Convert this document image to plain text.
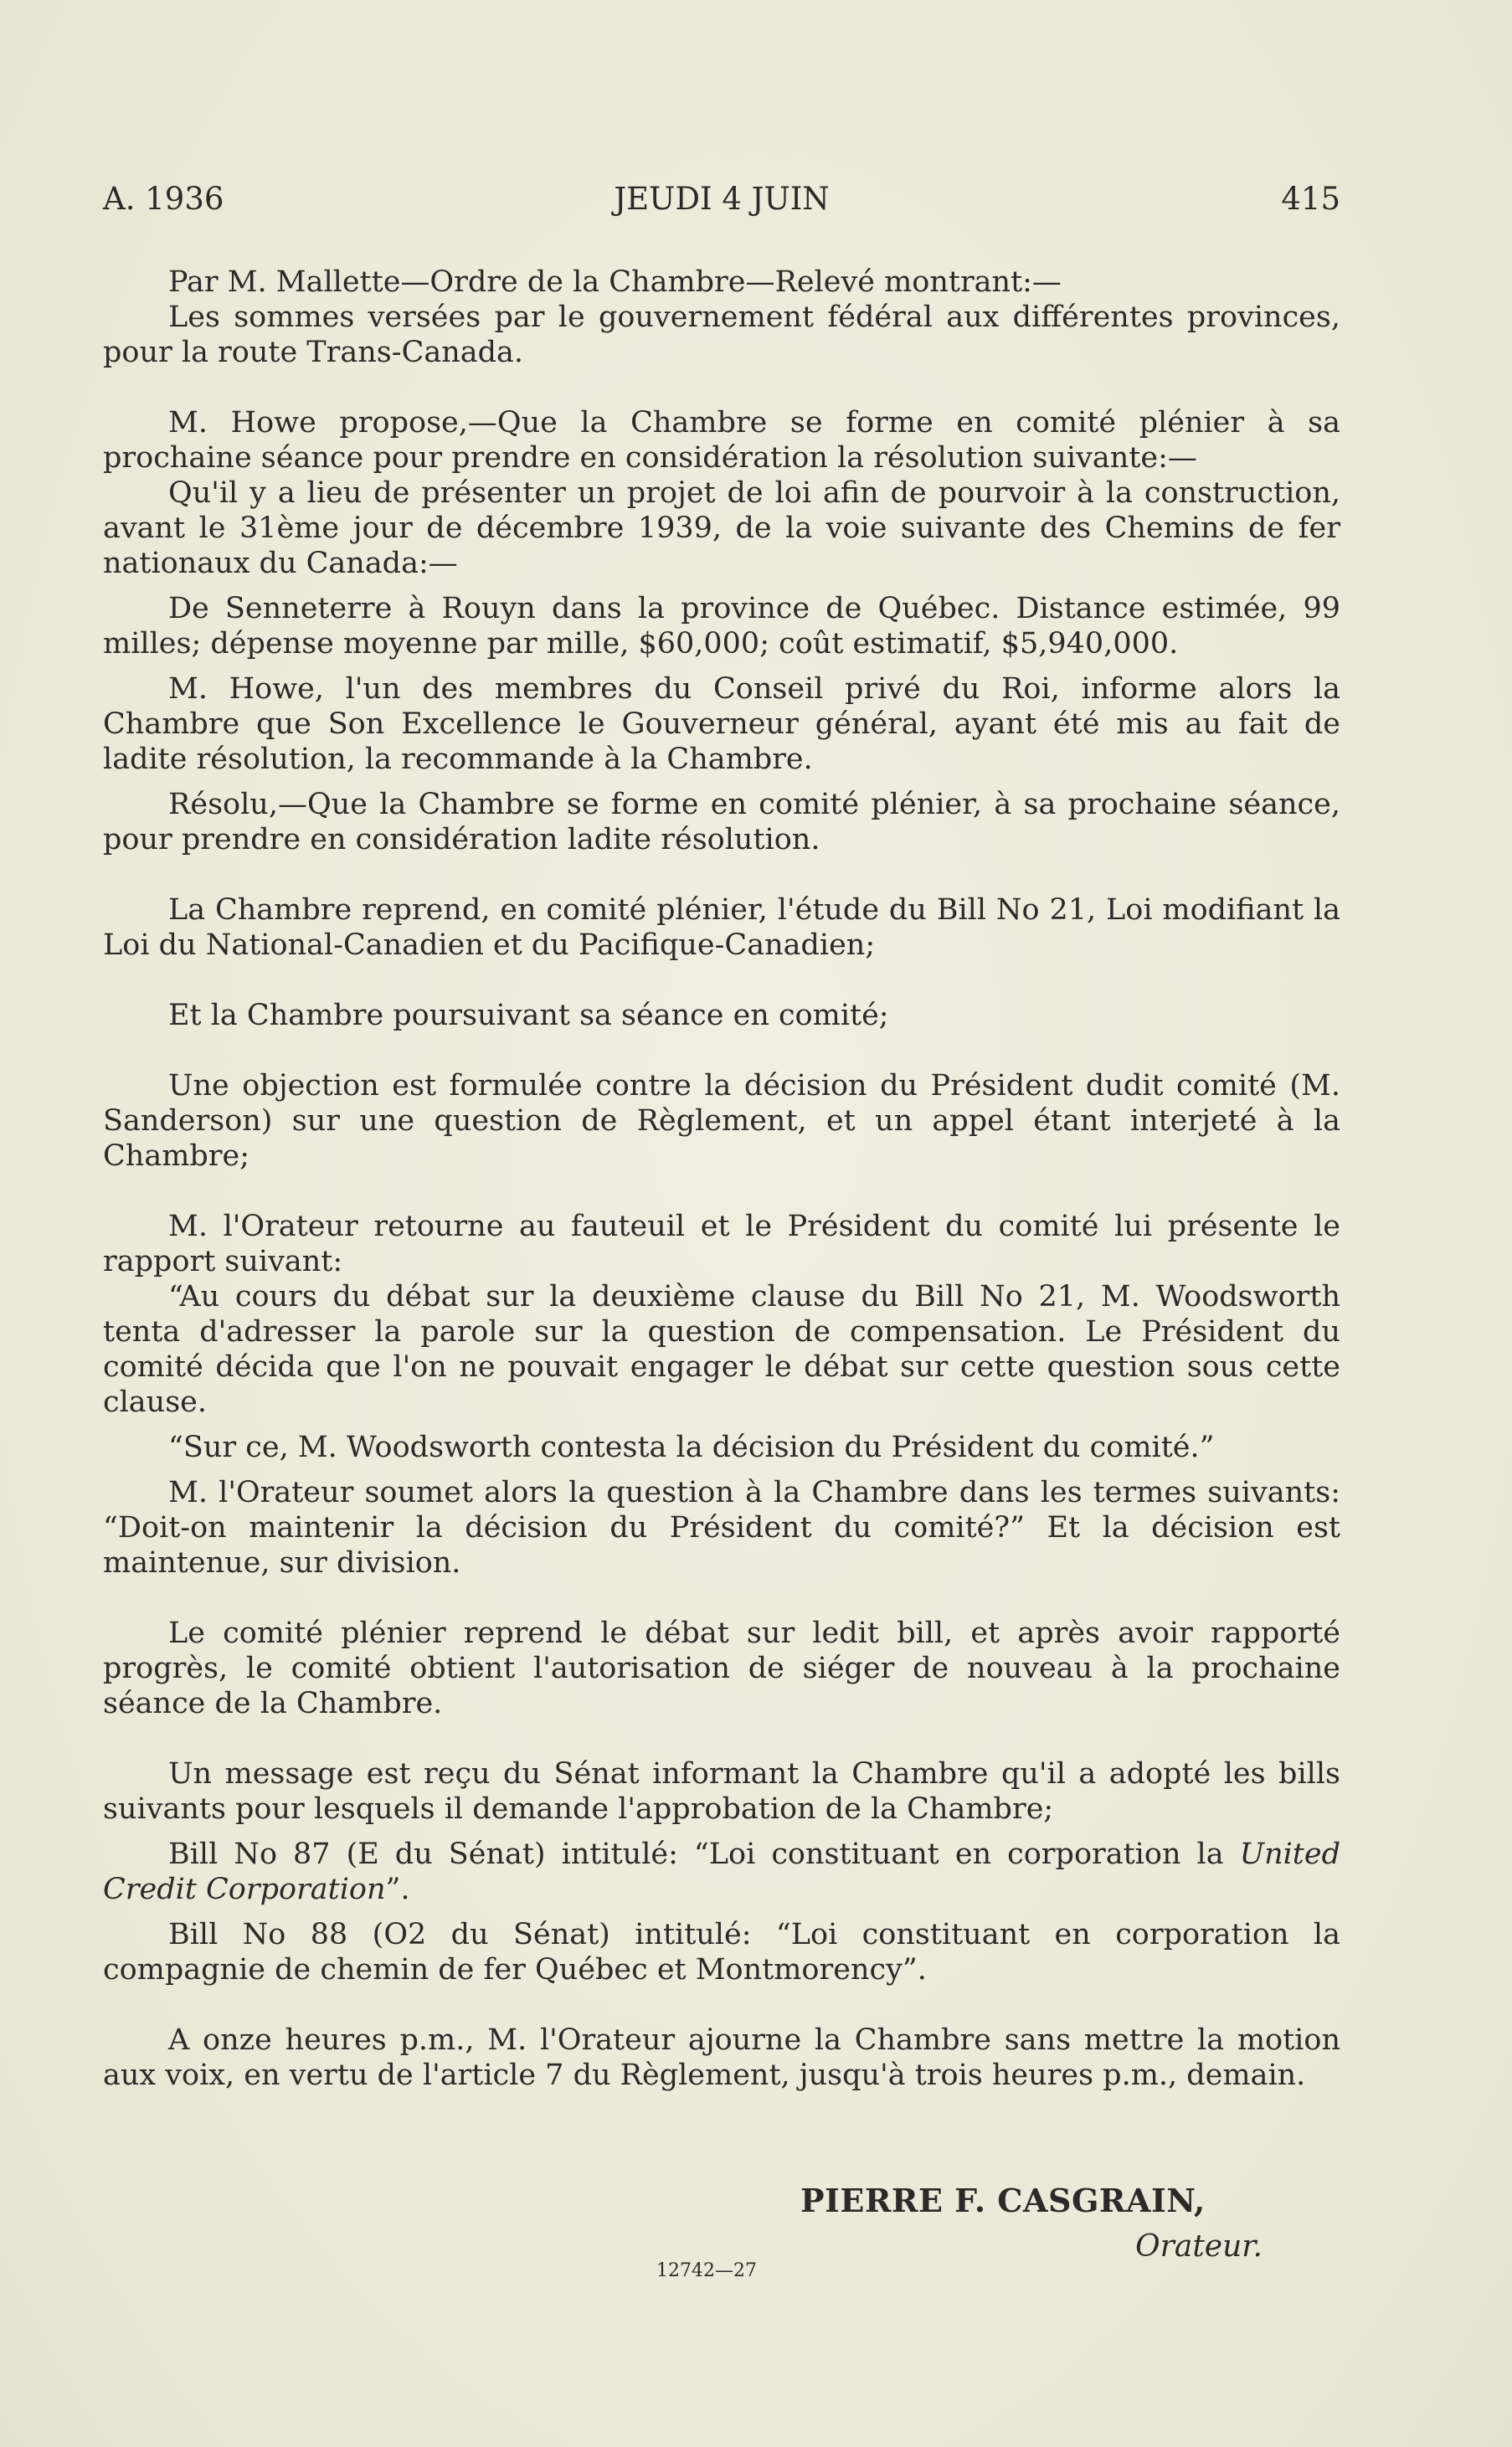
A. 1936	JEUDI 4 JUIN	415

Par M. Mallette—Ordre de la Chambre—Relevé montrant:—

Les sommes versées par le gouvernement fédéral aux différentes provinces, pour la route Trans-Canada.

M. Howe propose,—Que la Chambre se forme en comité plénier à sa prochaine séance pour prendre en considération la résolution suivante:—

Qu'il y a lieu de présenter un projet de loi afin de pourvoir à la construction, avant le 31ème jour de décembre 1939, de la voie suivante des Chemins de fer nationaux du Canada:—

De Senneterre à Rouyn dans la province de Québec. Distance estimée, 99 milles; dépense moyenne par mille, $60,000; coût estimatif, $5,940,000.

M. Howe, l'un des membres du Conseil privé du Roi, informe alors la Chambre que Son Excellence le Gouverneur général, ayant été mis au fait de ladite résolution, la recommande à la Chambre.

Résolu,—Que la Chambre se forme en comité plénier, à sa prochaine séance, pour prendre en considération ladite résolution.

La Chambre reprend, en comité plénier, l'étude du Bill No 21, Loi modifiant la Loi du National-Canadien et du Pacifique-Canadien;

Et la Chambre poursuivant sa séance en comité;

Une objection est formulée contre la décision du Président dudit comité (M. Sanderson) sur une question de Règlement, et un appel étant interjeté à la Chambre;

M. l'Orateur retourne au fauteuil et le Président du comité lui présente le rapport suivant:

“Au cours du débat sur la deuxième clause du Bill No 21, M. Woodsworth tenta d'adresser la parole sur la question de compensation. Le Président du comité décida que l'on ne pouvait engager le débat sur cette question sous cette clause.

“Sur ce, M. Woodsworth contesta la décision du Président du comité.”

M. l'Orateur soumet alors la question à la Chambre dans les termes suivants: “Doit-on maintenir la décision du Président du comité?” Et la décision est maintenue, sur division.

Le comité plénier reprend le débat sur ledit bill, et après avoir rapporté progrès, le comité obtient l'autorisation de siéger de nouveau à la prochaine séance de la Chambre.

Un message est reçu du Sénat informant la Chambre qu'il a adopté les bills suivants pour lesquels il demande l'approbation de la Chambre;

Bill No 87 (E du Sénat) intitulé: “Loi constituant en corporation la United Credit Corporation”.

Bill No 88 (O2 du Sénat) intitulé: “Loi constituant en corporation la compagnie de chemin de fer Québec et Montmorency”.

A onze heures p.m., M. l'Orateur ajourne la Chambre sans mettre la motion aux voix, en vertu de l'article 7 du Règlement, jusqu'à trois heures p.m., demain.

PIERRE F. CASGRAIN,
Orateur.
12742—27
